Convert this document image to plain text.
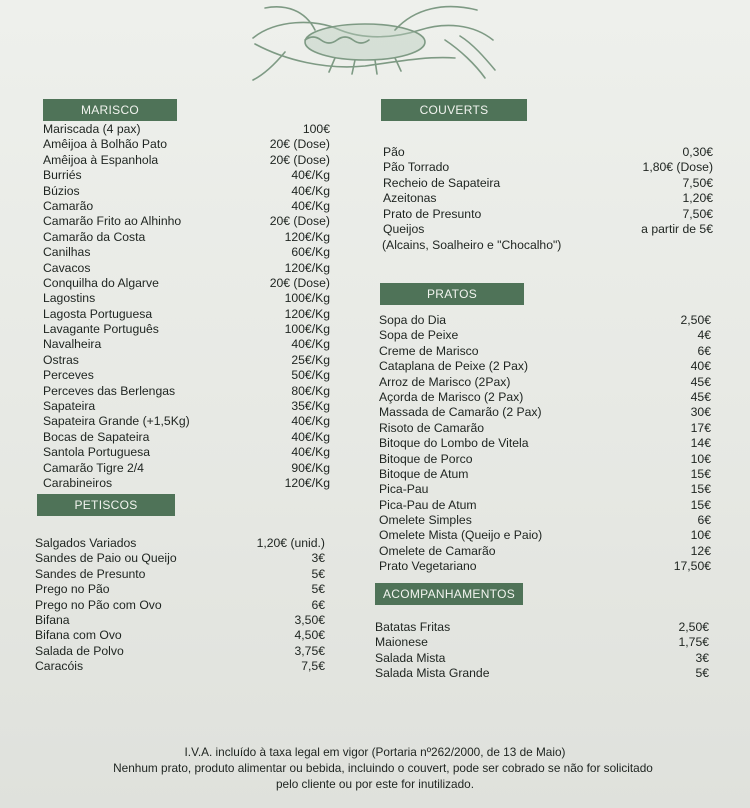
MARISCO
Mariscada (4 pax)	100€
Amêijoa à Bolhão Pato	20€ (Dose)
Amêijoa à Espanhola	20€ (Dose)
Burriés	40€/Kg
Búzios	40€/Kg
Camarão	40€/Kg
Camarão Frito ao Alhinho	20€ (Dose)
Camarão da Costa	120€/Kg
Canilhas	60€/Kg
Cavacos	120€/Kg
Conquilha do Algarve	20€ (Dose)
Lagostins	100€/Kg
Lagosta Portuguesa	120€/Kg
Lavagante Português	100€/Kg
Navalheira	40€/Kg
Ostras	25€/Kg
Perceves	50€/Kg
Perceves das Berlengas	80€/Kg
Sapateira	35€/Kg
Sapateira Grande (+1,5Kg)	40€/Kg
Bocas de Sapateira	40€/Kg
Santola Portuguesa	40€/Kg
Camarão Tigre 2/4	90€/Kg
Carabineiros	120€/Kg
PETISCOS
Salgados Variados	1,20€ (unid.)
Sandes de Paio ou Queijo	3€
Sandes de Presunto	5€
Prego no Pão	5€
Prego no Pão com Ovo	6€
Bifana	3,50€
Bifana com Ovo	4,50€
Salada de Polvo	3,75€
Caracóis	7,5€
COUVERTS
Pão	0,30€
Pão Torrado	1,80€ (Dose)
Recheio de Sapateira	7,50€
Azeitonas	1,20€
Prato de Presunto	7,50€
Queijos	a partir de 5€
(Alcains, Soalheiro e "Chocalho")
PRATOS
Sopa do Dia	2,50€
Sopa de Peixe	4€
Creme de Marisco	6€
Cataplana de Peixe (2 Pax)	40€
Arroz de Marisco (2Pax)	45€
Açorda de Marisco (2 Pax)	45€
Massada de Camarão (2 Pax)	30€
Risoto de Camarão	17€
Bitoque do Lombo de Vitela	14€
Bitoque de Porco	10€
Bitoque de Atum	15€
Pica-Pau	15€
Pica-Pau de Atum	15€
Omelete Simples	6€
Omelete Mista (Queijo e Paio)	10€
Omelete de Camarão	12€
Prato Vegetariano	17,50€
ACOMPANHAMENTOS
Batatas Fritas	2,50€
Maionese	1,75€
Salada Mista	3€
Salada Mista Grande	5€
I.V.A. incluído à taxa legal em vigor (Portaria nº262/2000, de 13 de Maio)
Nenhum prato, produto alimentar ou bebida, incluindo o couvert, pode ser cobrado se não for solicitado
pelo cliente ou por este for inutilizado.
